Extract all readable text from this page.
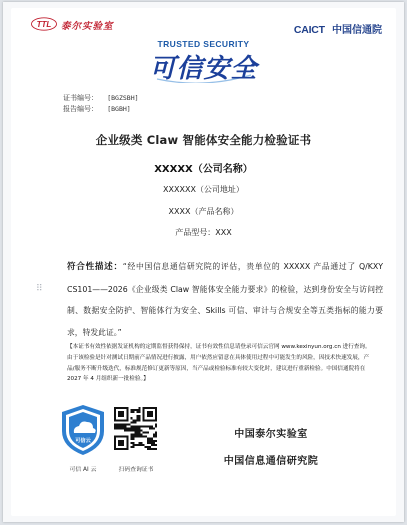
TTL 泰尔实验室	CAICT 中国信通院
TRUSTED SECURITY
可信安全
证书编号： [BGZSBH]
报告编号： [BGBH]
企业级类 Claw 智能体安全能力检验证书
XXXXX（公司名称）
XXXXXX（公司地址）
XXXX（产品名称）
产品型号：XXX
⠿
符合性描述：“经中国信息通信研究院的评估，贵单位的 XXXXX 产品通过了 Q/KXY CS101——2026《企业级类 Claw 智能体安全能力要求》的检验，达到身份安全与访问控制、数据安全防护、智能体行为安全、Skills 可信、审计与合规安全等五类指标的能力要求，特发此证。”
【本证书有效性依据发证机构的定期监督获得保持，证书有效性信息请登录可信云官网 www.kexinyun.org.cn 进行查询。由于该检验是针对测试日期前产品情况进行披露，用户依然应留意在具体使用过程中可能发生的风险，因技术快速发展，产品/服务不断升级迭代，标准规范修订更新等原因，当产品或检验标准有较大变化时，建议进行重新检验。中国信通院将在 2027 年 4 月组织新一批检验。】
可信云
可信 AI 云	扫码查询证书
中国泰尔实验室
中国信息通信研究院
